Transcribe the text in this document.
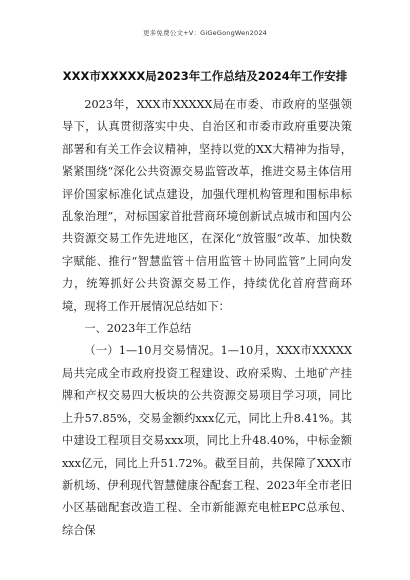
更多免费公文+V：GiGeGongWen2024
XXX市XXXXX局2023年工作总结及2024年工作安排

2023年，XXX市XXXXX局在市委、市政府的坚强领导下，认真贯彻落实中央、自治区和市委市政府重要决策部署和有关工作会议精神，坚持以党的XX大精神为指导，紧紧围绕“深化公共资源交易监管改革，推进交易主体信用评价国家标准化试点建设，加强代理机构管理和围标串标乱象治理”，对标国家首批营商环境创新试点城市和国内公共资源交易工作先进地区，在深化“放管服”改革、加快数字赋能、推行“智慧监管＋信用监管＋协同监管”上同向发力，统筹抓好公共资源交易工作，持续优化首府营商环境，现将工作开展情况总结如下：

一、2023年工作总结

（一）1—10月交易情况。1—10月，XXX市XXXXX局共完成全市政府投资工程建设、政府采购、土地矿产挂牌和产权交易四大板块的公共资源交易项目学习项，同比上升57.85%，交易金额约xxx亿元，同比上升8.41%。其中建设工程项目交易xxx项，同比上升48.40%，中标金额xxx亿元，同比上升51.72%。截至目前，共保障了XXX市新机场、伊利现代智慧健康谷配套工程、2023年全市老旧小区基础配套改造工程、全市新能源充电桩EPC总承包、综合保
